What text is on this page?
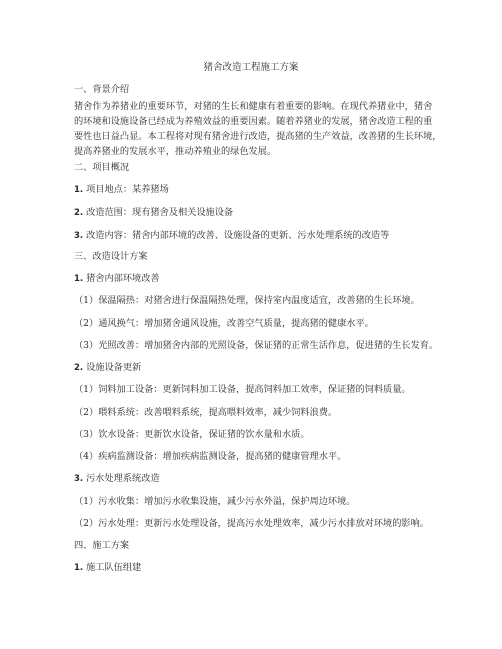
猪舍改造工程施工方案
一、背景介绍
猪舍作为养猪业的重要环节，对猪的生长和健康有着重要的影响。在现代养猪业中，猪舍
的环境和设施设备已经成为养殖效益的重要因素。随着养猪业的发展，猪舍改造工程的重
要性也日益凸显。本工程将对现有猪舍进行改造，提高猪的生产效益，改善猪的生长环境，
提高养猪业的发展水平，推动养殖业的绿色发展。
二、项目概况
1. 项目地点：某养猪场
2. 改造范围：现有猪舍及相关设施设备
3. 改造内容：猪舍内部环境的改善、设施设备的更新、污水处理系统的改造等
三、改造设计方案
1. 猪舍内部环境改善
（1）保温隔热：对猪舍进行保温隔热处理，保持室内温度适宜，改善猪的生长环境。
（2）通风换气：增加猪舍通风设施，改善空气质量，提高猪的健康水平。
（3）光照改善：增加猪舍内部的光照设备，保证猪的正常生活作息，促进猪的生长发育。
2. 设施设备更新
（1）饲料加工设备：更新饲料加工设备，提高饲料加工效率，保证猪的饲料质量。
（2）喂料系统：改善喂料系统，提高喂料效率，减少饲料浪费。
（3）饮水设备：更新饮水设备，保证猪的饮水量和水质。
（4）疾病监测设备：增加疾病监测设备，提高猪的健康管理水平。
3. 污水处理系统改造
（1）污水收集：增加污水收集设施，减少污水外溢，保护周边环境。
（2）污水处理：更新污水处理设备，提高污水处理效率，减少污水排放对环境的影响。
四、施工方案
1. 施工队伍组建
